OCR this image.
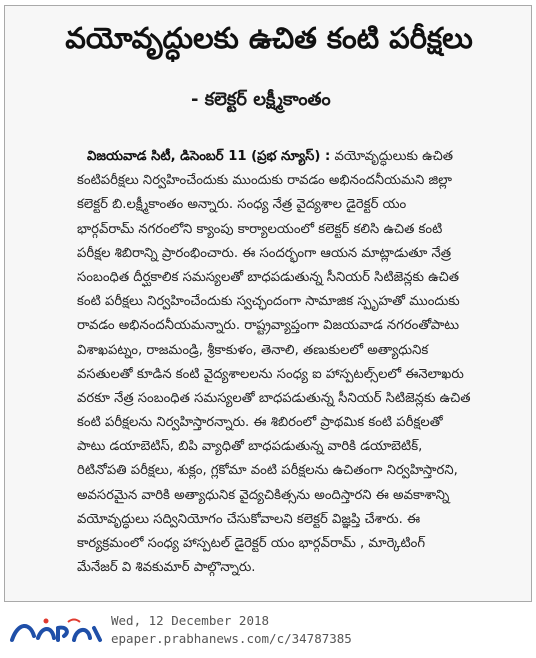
వయోవృద్ధులకు ఉచిత కంటి పరీక్షలు
- కలెక్టర్ లక్ష్మీకాంతం
విజయవాడ సిటీ, డిసెంబర్ 11 (ప్రభ న్యూస్) : వయోవృద్ధులుకు ఉచిత
కంటిపరీక్షలు నిర్వహించేందుకు ముందుకు రావడం అభినందనీయమని జిల్లా
కలెక్టర్ బి.లక్ష్మీకాంతం అన్నారు. సంధ్య నేత్ర వైద్యశాల డైరెక్టర్ యం
భార్గవ్‌రామ్ నగరంలోని క్యాంపు కార్యాలయంలో కలెక్టర్ కలిసి ఉచిత కంటి
పరీక్షల శిబిరాన్ని ప్రారంభించారు. ఈ సందర్భంగా ఆయన మాట్లాడుతూ నేత్ర
సంబంధిత దీర్ఘకాలిక సమస్యలతో బాధపడుతున్న సీనియర్ సిటిజెన్లకు ఉచిత
కంటి పరీక్షలు నిర్వహించేందుకు స్వచ్ఛందంగా సామాజిక స్పృహతో ముందుకు
రావడం అభినందనీయమన్నారు. రాష్ట్రవ్యాప్తంగా విజయవాడ నగరంతోపాటు
విశాఖపట్నం, రాజమండ్రి, శ్రీకాకుళం, తెనాలి, తణుకులలో అత్యాధునిక
వసతులతో కూడిన కంటి వైద్యశాలలను సంధ్య ఐ హాస్పటల్స్‌లలో ఈనెలాఖరు
వరకూ నేత్ర సంబంధిత సమస్యలతో బాధపడుతున్న సీనియర్ సిటిజెన్లకు ఉచిత
కంటి పరీక్షలను నిర్వహిస్తారన్నారు. ఈ శిబిరంలో ప్రాథమిక కంటి పరీక్షలతో
పాటు డయాబెటిస్, బిపి వ్యాధితో బాధపడుతున్న వారికి డయాబెటిక్,
రిటినోపతి పరీక్షలు, శుక్లం, గ్లకోమా వంటి పరీక్షలను ఉచితంగా నిర్వహిస్తారని,
అవసరమైన వారికి అత్యాధునిక వైద్యచికిత్సను అందిస్తారని ఈ అవకాశాన్ని
వయోవృద్ధులు సద్వినియోగం చేసుకోవాలని కలెక్టర్ విజ్ఞప్తి చేశారు. ఈ
కార్యక్రమంలో సంధ్య హాస్పటల్ డైరెక్టర్ యం భార్గవ్‌రామ్ , మార్కెటింగ్
మేనేజర్ వి శివకుమార్ పాల్గొన్నారు.
Wed, 12 December 2018
epaper.prabhanews.com/c/34787385
